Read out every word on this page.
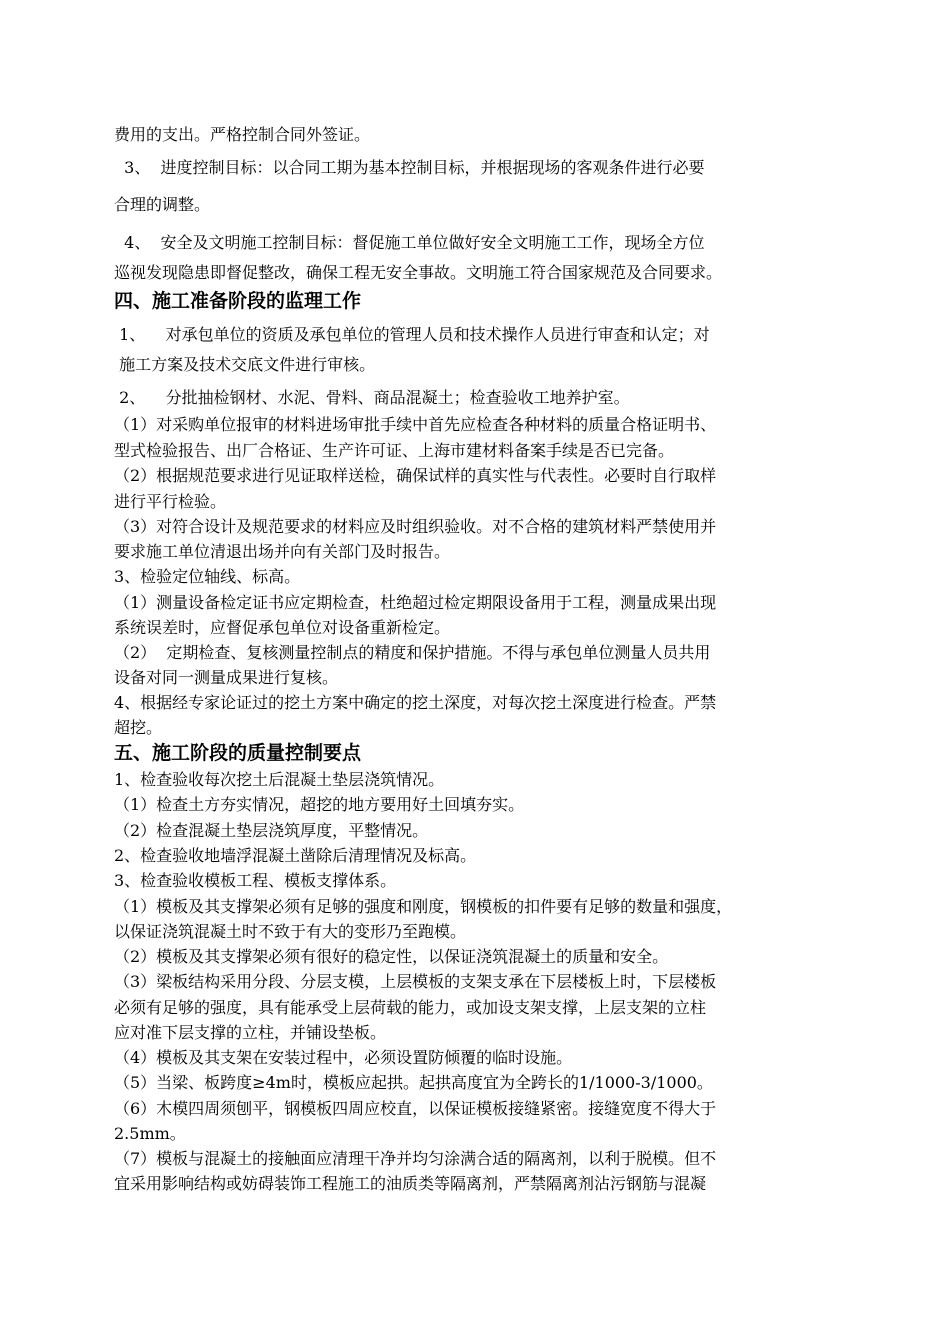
费用的支出。严格控制合同外签证。
3、  进度控制目标：以合同工期为基本控制目标，并根据现场的客观条件进行必要
合理的调整。
4、  安全及文明施工控制目标：督促施工单位做好安全文明施工工作，现场全方位
巡视发现隐患即督促整改，确保工程无安全事故。文明施工符合国家规范及合同要求。
四、施工准备阶段的监理工作
1、    对承包单位的资质及承包单位的管理人员和技术操作人员进行审查和认定；对
施工方案及技术交底文件进行审核。
2、    分批抽检钢材、水泥、骨料、商品混凝土；检查验收工地养护室。
（1）对采购单位报审的材料进场审批手续中首先应检查各种材料的质量合格证明书、
型式检验报告、出厂合格证、生产许可证、上海市建材料备案手续是否已完备。
（2）根据规范要求进行见证取样送检，确保试样的真实性与代表性。必要时自行取样
进行平行检验。
（3）对符合设计及规范要求的材料应及时组织验收。对不合格的建筑材料严禁使用并
要求施工单位清退出场并向有关部门及时报告。
3、检验定位轴线、标高。
（1）测量设备检定证书应定期检查，杜绝超过检定期限设备用于工程，测量成果出现
系统误差时，应督促承包单位对设备重新检定。
（2）  定期检查、复核测量控制点的精度和保护措施。不得与承包单位测量人员共用
设备对同一测量成果进行复核。
4、根据经专家论证过的挖土方案中确定的挖土深度，对每次挖土深度进行检查。严禁
超挖。
五、施工阶段的质量控制要点
1、检查验收每次挖土后混凝土垫层浇筑情况。
（1）检查土方夯实情况，超挖的地方要用好土回填夯实。
（2）检查混凝土垫层浇筑厚度，平整情况。
2、检查验收地墙浮混凝土凿除后清理情况及标高。
3、检查验收模板工程、模板支撑体系。
（1）模板及其支撑架必须有足够的强度和刚度，钢模板的扣件要有足够的数量和强度，
以保证浇筑混凝土时不致于有大的变形乃至跑模。
（2）模板及其支撑架必须有很好的稳定性，以保证浇筑混凝土的质量和安全。
（3）梁板结构采用分段、分层支模，上层模板的支架支承在下层楼板上时，下层楼板
必须有足够的强度，具有能承受上层荷载的能力，或加设支架支撑，上层支架的立柱
应对准下层支撑的立柱，并铺设垫板。
（4）模板及其支架在安装过程中，必须设置防倾覆的临时设施。
（5）当梁、板跨度≥4m时，模板应起拱。起拱高度宜为全跨长的1/1000-3/1000。
（6）木模四周须刨平，钢模板四周应校直，以保证模板接缝紧密。接缝宽度不得大于
2.5mm。
（7）模板与混凝土的接触面应清理干净并均匀涂满合适的隔离剂，以利于脱模。但不
宜采用影响结构或妨碍装饰工程施工的油质类等隔离剂，严禁隔离剂沾污钢筋与混凝
